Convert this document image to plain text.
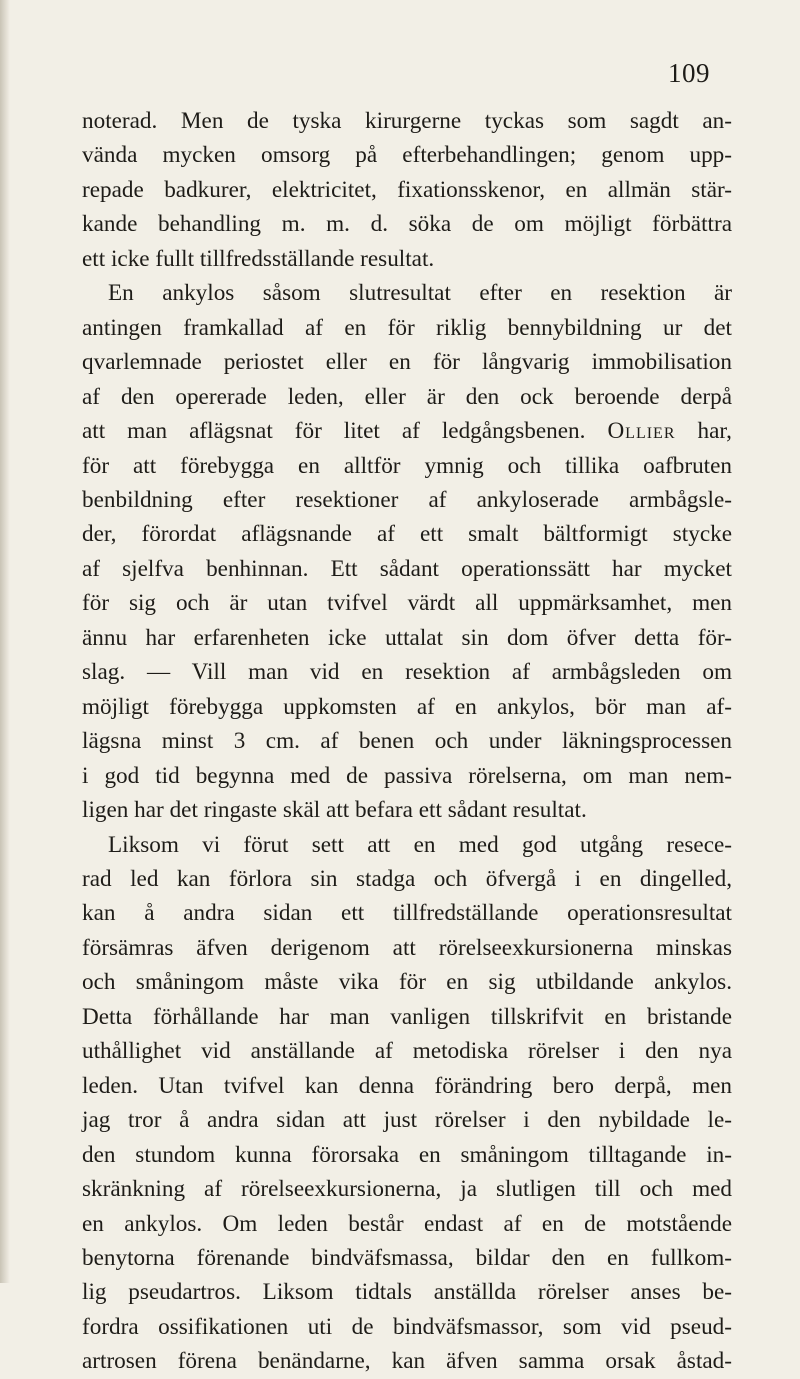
109
noterad. Men de tyska kirurgerne tyckas som sagdt an-
vända mycken omsorg på efterbehandlingen; genom upp-
repade badkurer, elektricitet, fixationsskenor, en allmän stär-
kande behandling m. m. d. söka de om möjligt förbättra
ett icke fullt tillfredsställande resultat.
En ankylos såsom slutresultat efter en resektion är
antingen framkallad af en för riklig bennybildning ur det
qvarlemnade periostet eller en för långvarig immobilisation
af den opererade leden, eller är den ock beroende derpå
att man aflägsnat för litet af ledgångsbenen. Ollier har,
för att förebygga en alltför ymnig och tillika oafbruten
benbildning efter resektioner af ankyloserade armbågsle-
der, förordat aflägsnande af ett smalt bältformigt stycke
af sjelfva benhinnan. Ett sådant operationssätt har mycket
för sig och är utan tvifvel värdt all uppmärksamhet, men
ännu har erfarenheten icke uttalat sin dom öfver detta för-
slag. — Vill man vid en resektion af armbågsleden om
möjligt förebygga uppkomsten af en ankylos, bör man af-
lägsna minst 3 cm. af benen och under läkningsprocessen
i god tid begynna med de passiva rörelserna, om man nem-
ligen har det ringaste skäl att befara ett sådant resultat.
Liksom vi förut sett att en med god utgång resece-
rad led kan förlora sin stadga och öfvergå i en dingelled,
kan å andra sidan ett tillfredställande operationsresultat
försämras äfven derigenom att rörelseexkursionerna minskas
och småningom måste vika för en sig utbildande ankylos.
Detta förhållande har man vanligen tillskrifvit en bristande
uthållighet vid anställande af metodiska rörelser i den nya
leden. Utan tvifvel kan denna förändring bero derpå, men
jag tror å andra sidan att just rörelser i den nybildade le-
den stundom kunna förorsaka en småningom tilltagande in-
skränkning af rörelseexkursionerna, ja slutligen till och med
en ankylos. Om leden består endast af en de motstående
benytorna förenande bindväfsmassa, bildar den en fullkom-
lig pseudartros. Liksom tidtals anställda rörelser anses be-
fordra ossifikationen uti de bindväfsmassor, som vid pseud-
artrosen förena benändarne, kan äfven samma orsak åstad-
